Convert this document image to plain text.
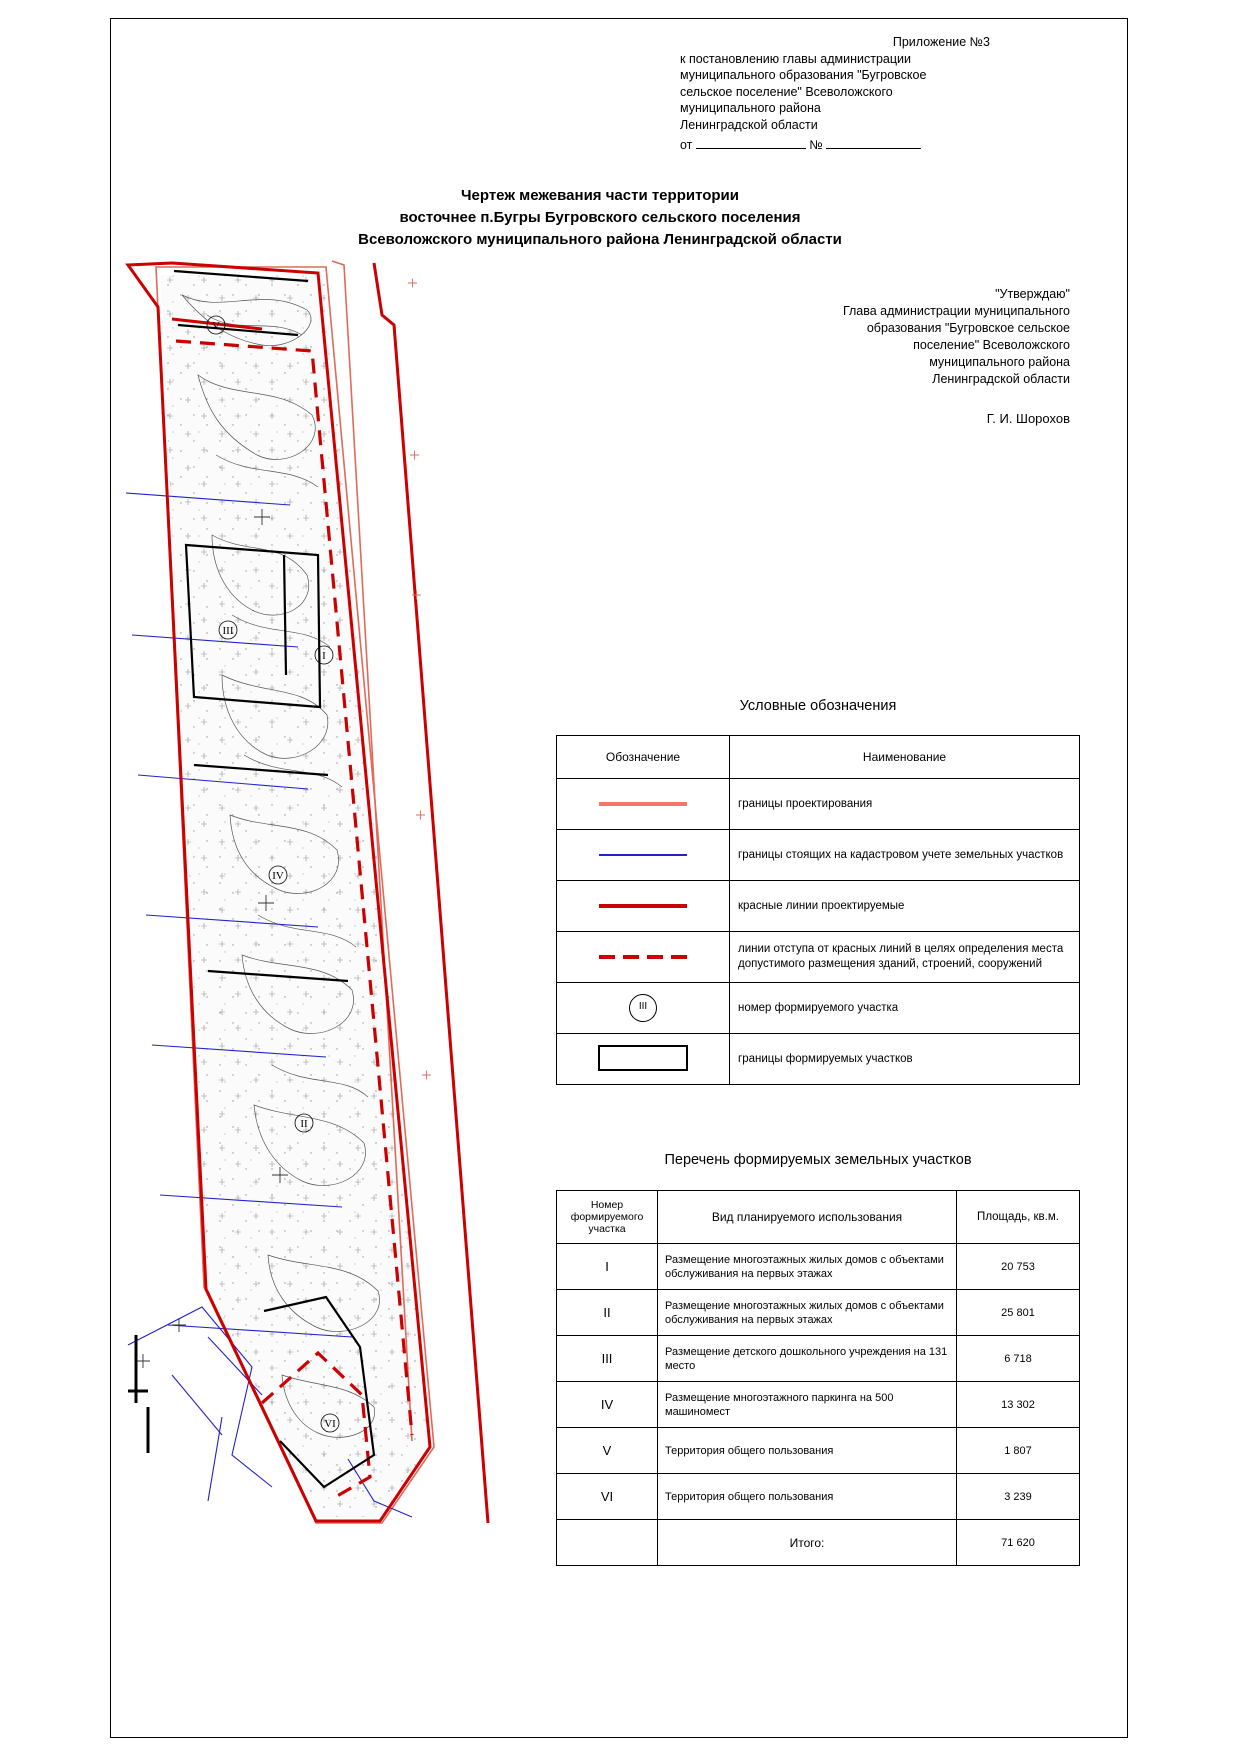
Приложение №3
к постановлению главы администрации
муниципального образования "Бугровское
сельское поселение" Всеволожского
муниципального района
Ленинградской области
от	№
Чертеж межевания части территории
восточнее п.Бугры Бугровского сельского поселения
Всеволожского муниципального района Ленинградской области
"Утверждаю"
Глава администрации муниципального
образования "Бугровское сельское
поселение" Всеволожского
муниципального района
Ленинградской области
Г. И. Шорохов
V
III
I
IV
II
VI
Условные обозначения
Обозначение	Наименование
	границы проектирования
	границы стоящих на кадастровом учете земельных участков
	красные линии проектируемые
	линии отступа от красных линий в целях определения места допустимого размещения зданий, строений, сооружений
III	номер формируемого участка
	границы формируемых участков
Перечень формируемых земельных участков
Номер формируемого участка	Вид планируемого использования	Площадь, кв.м.
I	Размещение многоэтажных жилых домов с объектами обслуживания на первых этажах	20 753
II	Размещение многоэтажных жилых домов с объектами обслуживания на первых этажах	25 801
III	Размещение детского дошкольного учреждения на 131 место	6 718
IV	Размещение многоэтажного паркинга на 500 машиномест	13 302
V	Территория общего пользования	1 807
VI	Территория общего пользования	3 239
	Итого:	71 620
